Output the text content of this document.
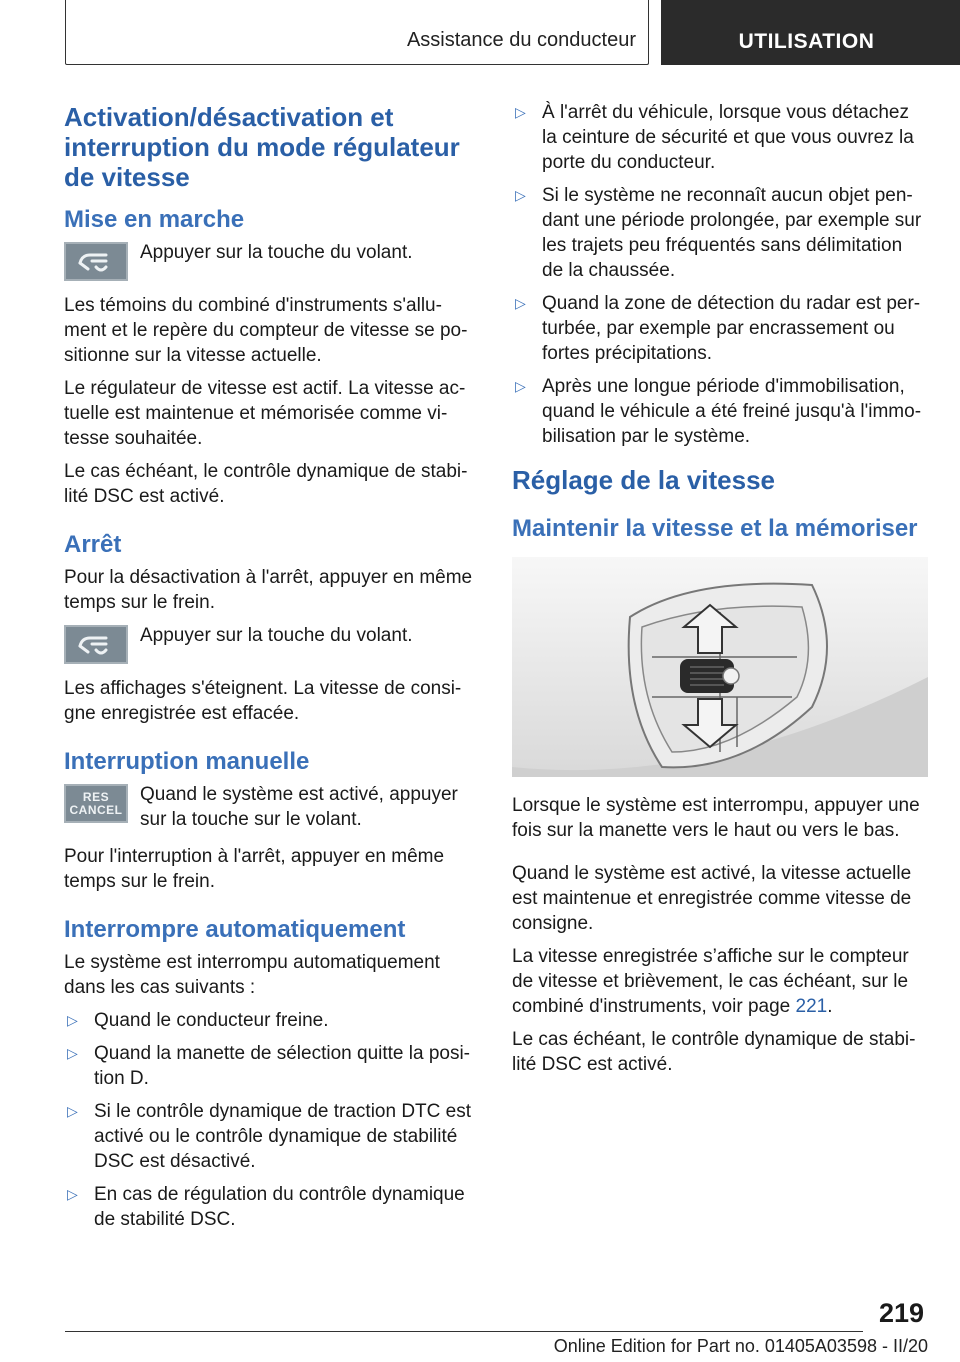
Assistance du conducteur	UTILISATION
Activation/désactivation et interruption du mode régulateur de vitesse
Mise en marche

Appuyer sur la touche du volant.

Les témoins du combiné d'instruments s'allu-ment et le repère du compteur de vitesse se po-sitionne sur la vitesse actuelle.

Le régulateur de vitesse est actif. La vitesse ac-tuelle est maintenue et mémorisée comme vi-tesse souhaitée.

Le cas échéant, le contrôle dynamique de stabi-lité DSC est activé.

Arrêt

Pour la désactivation à l'arrêt, appuyer en même temps sur le frein.

Appuyer sur la touche du volant.

Les affichages s'éteignent. La vitesse de consi-gne enregistrée est effacée.

Interruption manuelle
RES
CANCEL

Quand le système est activé, appuyer sur la touche sur le volant.

Pour l'interruption à l'arrêt, appuyer en même temps sur le frein.

Interrompre automatiquement

Le système est interrompu automatiquement dans les cas suivants :

▷ Quand le conducteur freine.
▷ Quand la manette de sélection quitte la posi-tion D.
▷ Si le contrôle dynamique de traction DTC est activé ou le contrôle dynamique de stabilité DSC est désactivé.
▷ En cas de régulation du contrôle dynamique de stabilité DSC.
▷ À l'arrêt du véhicule, lorsque vous détachez la ceinture de sécurité et que vous ouvrez la porte du conducteur.
▷ Si le système ne reconnaît aucun objet pen-dant une période prolongée, par exemple sur les trajets peu fréquentés sans délimitation de la chaussée.
▷ Quand la zone de détection du radar est per-turbée, par exemple par encrassement ou fortes précipitations.
▷ Après une longue période d'immobilisation, quand le véhicule a été freiné jusqu'à l'immo-bilisation par le système.
Réglage de la vitesse
Maintenir la vitesse et la mémoriser

Lorsque le système est interrompu, appuyer une fois sur la manette vers le haut ou vers le bas.

Quand le système est activé, la vitesse actuelle est maintenue et enregistrée comme vitesse de consigne.

La vitesse enregistrée s’affiche sur le compteur de vitesse et brièvement, le cas échéant, sur le combiné d'instruments, voir page 221.

Le cas échéant, le contrôle dynamique de stabi-lité DSC est activé.

219
Online Edition for Part no. 01405A03598 - II/20
